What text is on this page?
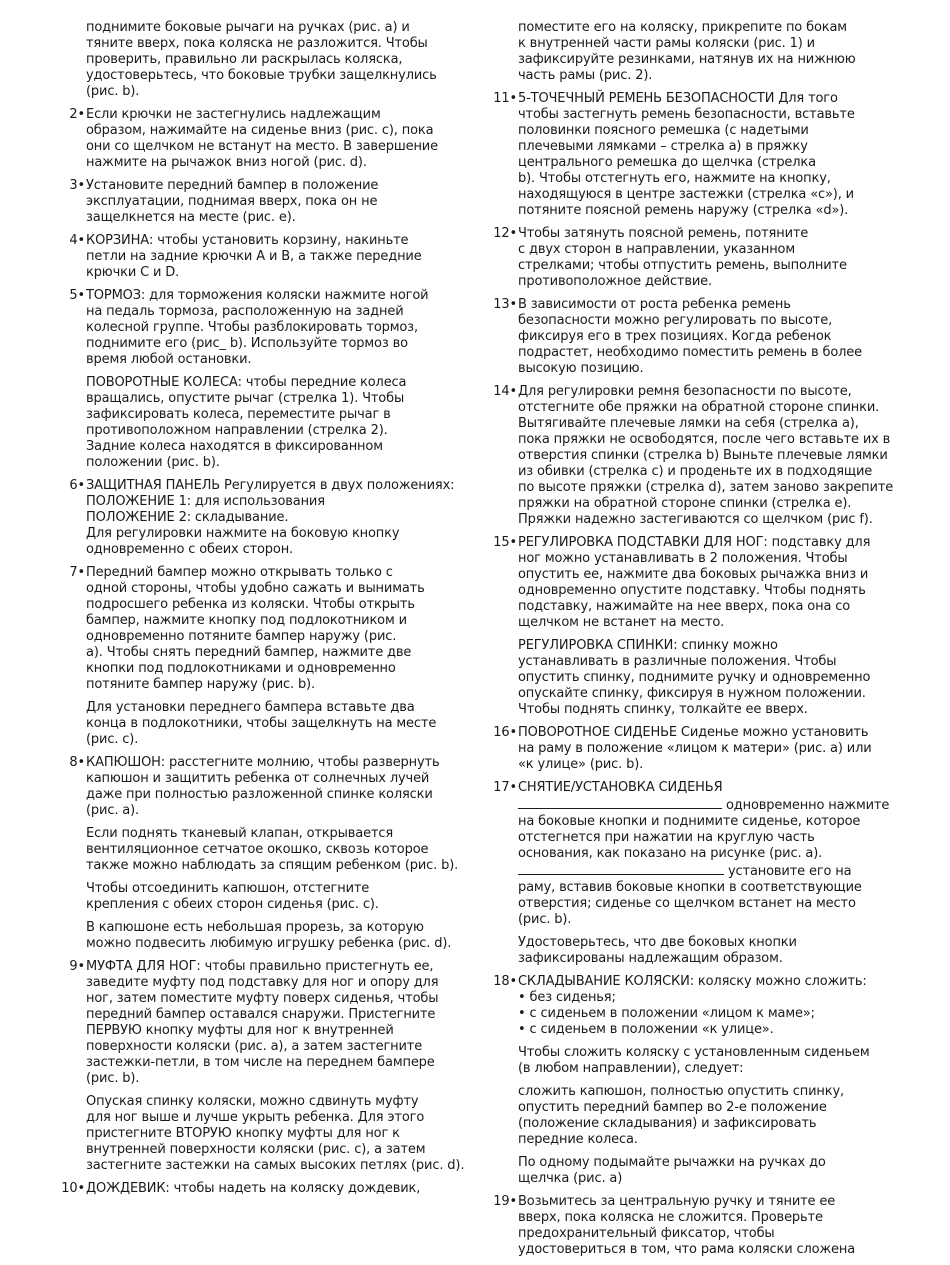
поднимите боковые рычаги на ручках (рис. а) и
тяните вверх, пока коляска не разложится. Чтобы
проверить, правильно ли раскрылась коляска,
удостоверьтесь, что боковые трубки защелкнулись
(рис. b).
2• Если крючки не застегнулись надлежащим
образом, нажимайте на сиденье вниз (рис. c), пока
они со щелчком не встанут на место. В завершение
нажмите на рычажок вниз ногой (рис. d).
3• Установите передний бампер в положение
эксплуатации, поднимая вверх, пока он не
защелкнется на месте (рис. e).
4• КОРЗИНА: чтобы установить корзину, накиньте
петли на задние крючки A и B, а также передние
крючки C и D.
5• ТОРМОЗ: для торможения коляски нажмите ногой
на педаль тормоза, расположенную на задней
колесной группе. Чтобы разблокировать тормоз,
поднимите его (рис_ b). Используйте тормоз во
время любой остановки.
ПОВОРОТНЫЕ КОЛЕСА: чтобы передние колеса
вращались, опустите рычаг (стрелка 1). Чтобы
зафиксировать колеса, переместите рычаг в
противоположном направлении (стрелка 2).
Задние колеса находятся в фиксированном
положении (рис. b).
6• ЗАЩИТНАЯ ПАНЕЛЬ Регулируется в двух положениях:
ПОЛОЖЕНИЕ 1: для использования
ПОЛОЖЕНИЕ 2: складывание.
Для регулировки нажмите на боковую кнопку
одновременно с обеих сторон.
7• Передний бампер можно открывать только с
одной стороны, чтобы удобно сажать и вынимать
подросшего ребенка из коляски. Чтобы открыть
бампер, нажмите кнопку под подлокотником и
одновременно потяните бампер наружу (рис.
a). Чтобы снять передний бампер, нажмите две
кнопки под подлокотниками и одновременно
потяните бампер наружу (рис. b).
Для установки переднего бампера вставьте два
конца в подлокотники, чтобы защелкнуть на месте
(рис. c).
8• КАПЮШОН: расстегните молнию, чтобы развернуть
капюшон и защитить ребенка от солнечных лучей
даже при полностью разложенной спинке коляски
(рис. a).
Если поднять тканевый клапан, открывается
вентиляционное сетчатое окошко, сквозь которое
также можно наблюдать за спящим ребенком (рис. b).
Чтобы отсоединить капюшон, отстегните
крепления с обеих сторон сиденья (рис. c).
В капюшоне есть небольшая прорезь, за которую
можно подвесить любимую игрушку ребенка (рис. d).
9• МУФТА ДЛЯ НОГ: чтобы правильно пристегнуть ее,
заведите муфту под подставку для ног и опору для
ног, затем поместите муфту поверх сиденья, чтобы
передний бампер оставался снаружи. Пристегните
ПЕРВУЮ кнопку муфты для ног к внутренней
поверхности коляски (рис. a), а затем застегните
застежки-петли, в том числе на переднем бампере
(рис. b).
Опуская спинку коляски, можно сдвинуть муфту
для ног выше и лучше укрыть ребенка. Для этого
пристегните ВТОРУЮ кнопку муфты для ног к
внутренней поверхности коляски (рис. c), а затем
застегните застежки на самых высоких петлях (рис. d).
10• ДОЖДЕВИК: чтобы надеть на коляску дождевик,
поместите его на коляску, прикрепите по бокам
к внутренней части рамы коляски (рис. 1) и
зафиксируйте резинками, натянув их на нижнюю
часть рамы (рис. 2).
11• 5-ТОЧЕЧНЫЙ РЕМЕНЬ БЕЗОПАСНОСТИ Для того
чтобы застегнуть ремень безопасности, вставьте
половинки поясного ремешка (с надетыми
плечевыми лямками – стрелка a) в пряжку
центрального ремешка до щелчка (стрелка
b). Чтобы отстегнуть его, нажмите на кнопку,
находящуюся в центре застежки (стрелка «c»), и
потяните поясной ремень наружу (стрелка «d»).
12• Чтобы затянуть поясной ремень, потяните
с двух сторон в направлении, указанном
стрелками; чтобы отпустить ремень, выполните
противоположное действие.
13• В зависимости от роста ребенка ремень
безопасности можно регулировать по высоте,
фиксируя его в трех позициях. Когда ребенок
подрастет, необходимо поместить ремень в более
высокую позицию.
14• Для регулировки ремня безопасности по высоте,
отстегните обе пряжки на обратной стороне спинки.
Вытягивайте плечевые лямки на себя (стрелка a),
пока пряжки не освободятся, после чего вставьте их в
отверстия спинки (стрелка b) Выньте плечевые лямки
из обивки (стрелка c) и проденьте их в подходящие
по высоте пряжки (стрелка d), затем заново закрепите
пряжки на обратной стороне спинки (стрелка e).
Пряжки надежно застегиваются со щелчком (рис f).
15• РЕГУЛИРОВКА ПОДСТАВКИ ДЛЯ НОГ: подставку для
ног можно устанавливать в 2 положения. Чтобы
опустить ее, нажмите два боковых рычажка вниз и
одновременно опустите подставку. Чтобы поднять
подставку, нажимайте на нее вверх, пока она со
щелчком не встанет на место.
РЕГУЛИРОВКА СПИНКИ: спинку можно
устанавливать в различные положения. Чтобы
опустить спинку, поднимите ручку и одновременно
опускайте спинку, фиксируя в нужном положении.
Чтобы поднять спинку, толкайте ее вверх.
16• ПОВОРОТНОЕ СИДЕНЬЕ Сиденье можно установить
на раму в положение «лицом к матери» (рис. a) или
«к улице» (рис. b).
17• СНЯТИЕ/УСТАНОВКА СИДЕНЬЯ
одновременно нажмите
на боковые кнопки и поднимите сиденье, которое
отстегнется при нажатии на круглую часть
основания, как показано на рисунке (рис. a).
установите его на
раму, вставив боковые кнопки в соответствующие
отверстия; сиденье со щелчком встанет на место
(рис. b).
Удостоверьтесь, что две боковых кнопки
зафиксированы надлежащим образом.
18• СКЛАДЫВАНИЕ КОЛЯСКИ: коляску можно сложить:
• без сиденья;
• с сиденьем в положении «лицом к маме»;
• с сиденьем в положении «к улице».
Чтобы сложить коляску с установленным сиденьем
(в любом направлении), следует:
сложить капюшон, полностью опустить спинку,
опустить передний бампер во 2-е положение
(положение складывания) и зафиксировать
передние колеса.
По одному подымайте рычажки на ручках до
щелчка (рис. a)
19• Возьмитесь за центральную ручку и тяните ее
вверх, пока коляска не сложится. Проверьте
предохранительный фиксатор, чтобы
удостовериться в том, что рама коляски сложена
